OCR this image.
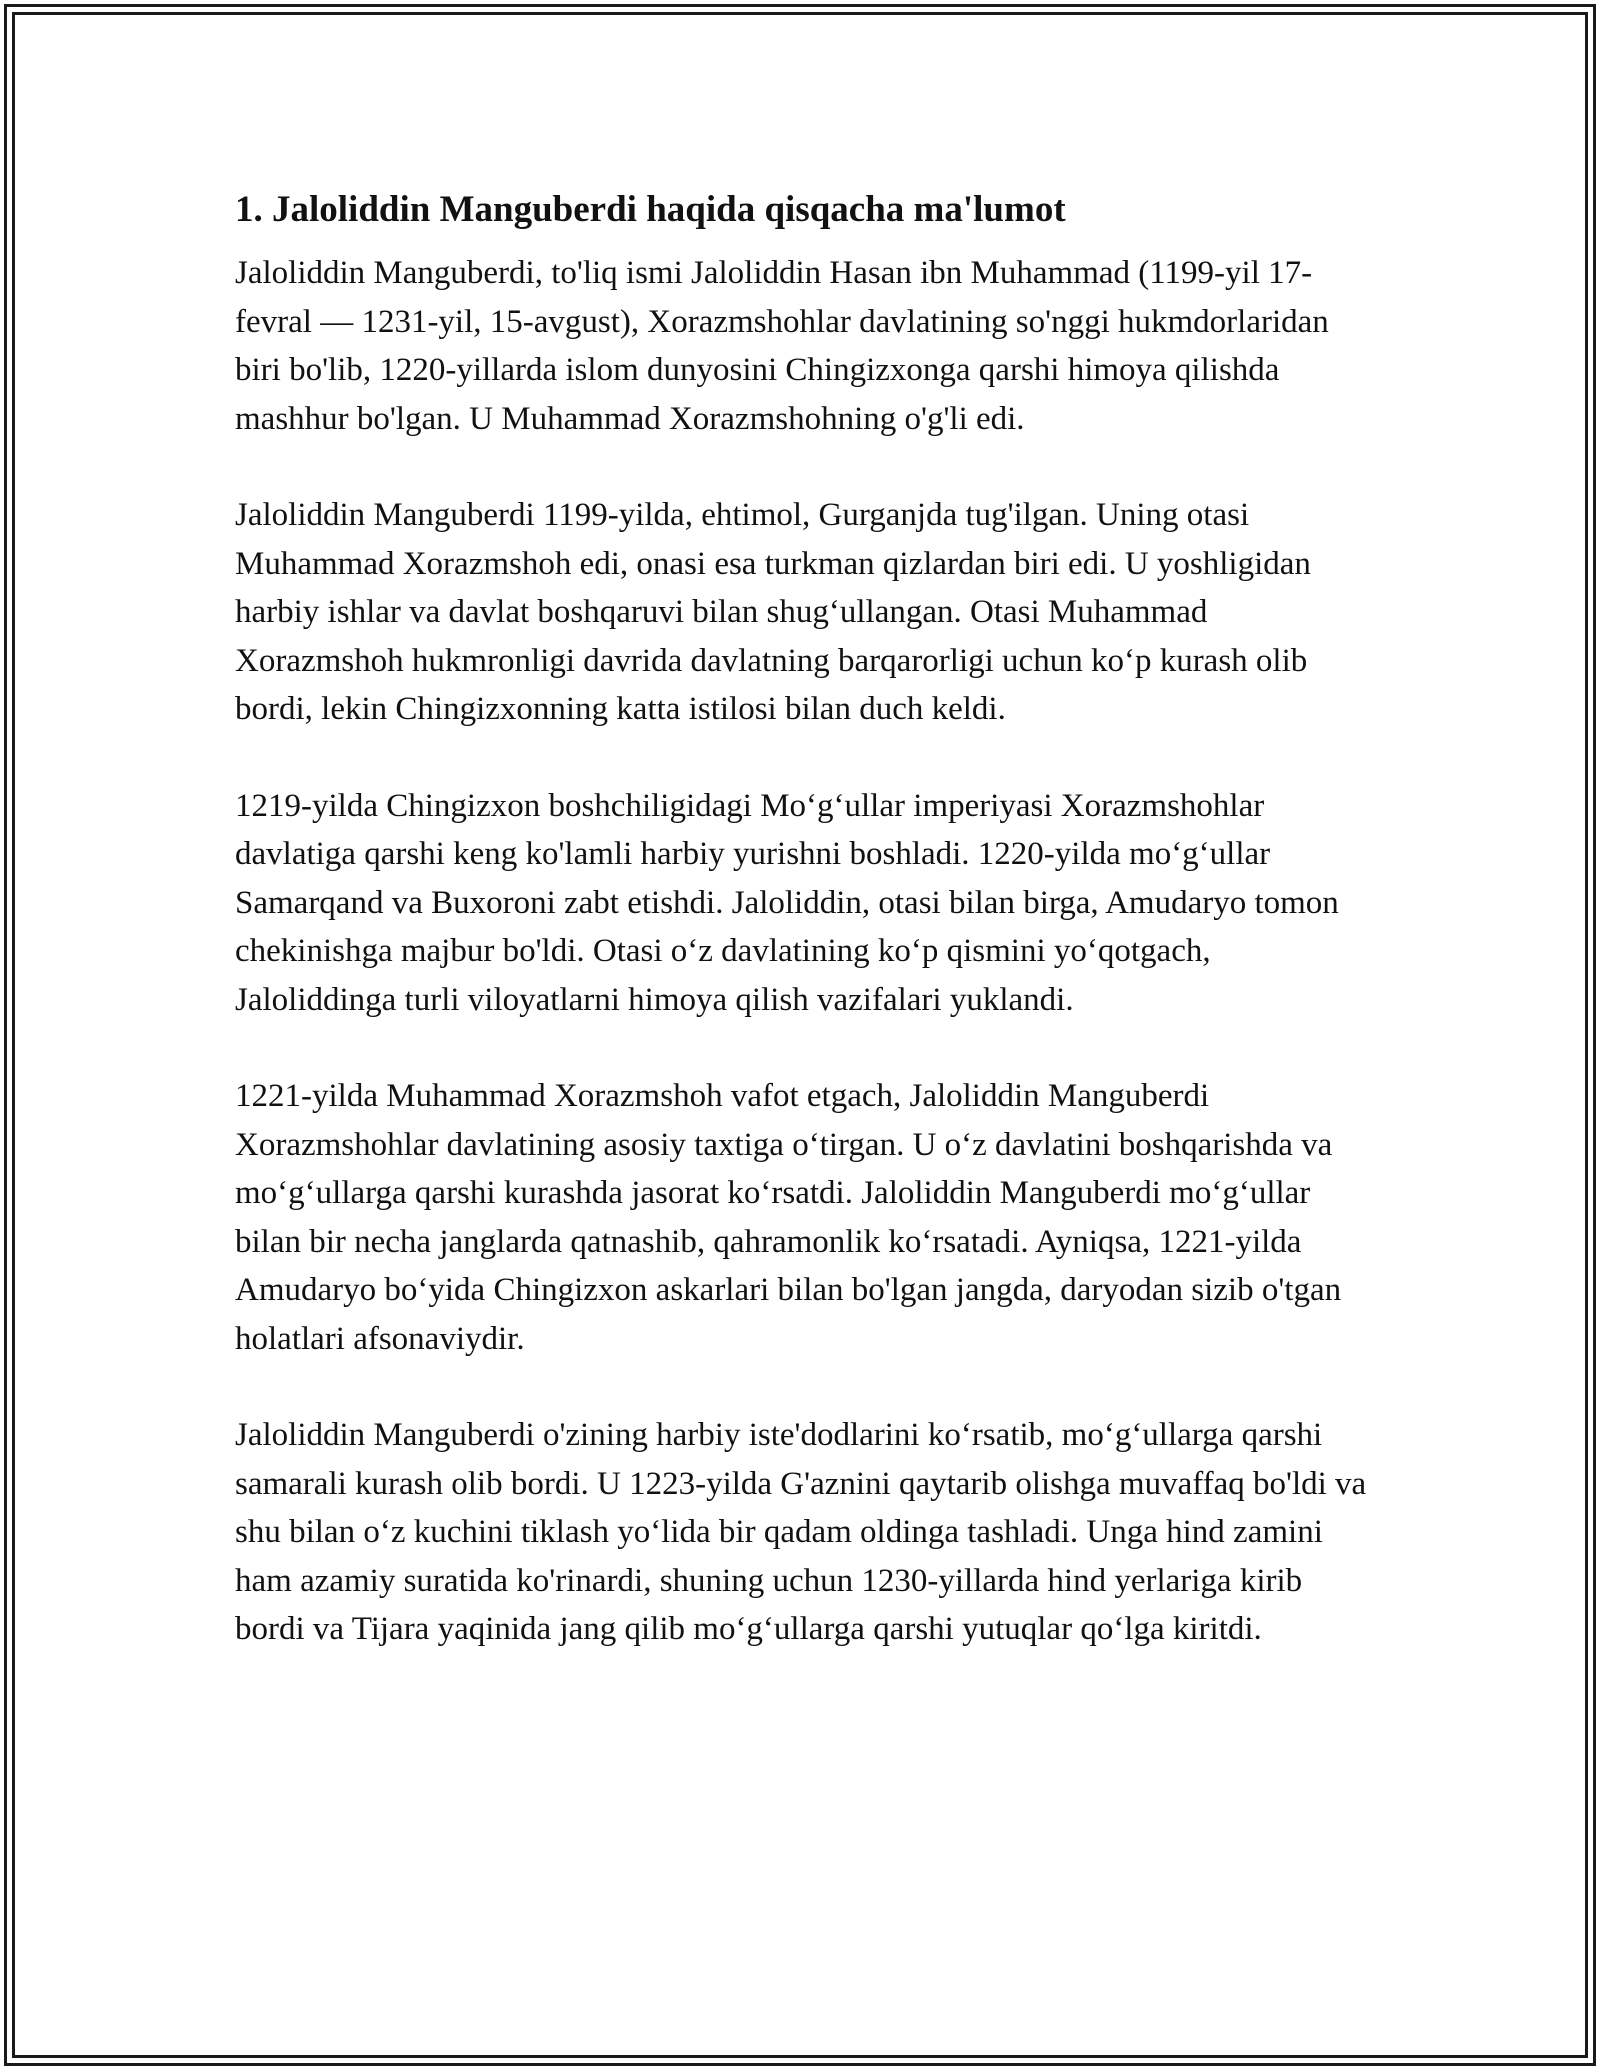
1. Jaloliddin Manguberdi haqida qisqacha ma'lumot

Jaloliddin Manguberdi, to'liq ismi Jaloliddin Hasan ibn Muhammad (1199-yil 17-fevral — 1231-yil, 15-avgust), Xorazmshohlar davlatining so'nggi hukmdorlaridan biri bo'lib, 1220-yillarda islom dunyosini Chingizxonga qarshi himoya qilishda mashhur bo'lgan. U Muhammad Xorazmshohning o'g'li edi.

Jaloliddin Manguberdi 1199-yilda, ehtimol, Gurganjda tug'ilgan. Uning otasi Muhammad Xorazmshoh edi, onasi esa turkman qizlardan biri edi. U yoshligidan harbiy ishlar va davlat boshqaruvi bilan shug‘ullangan. Otasi Muhammad Xorazmshoh hukmronligi davrida davlatning barqarorligi uchun ko‘p kurash olib bordi, lekin Chingizxonning katta istilosi bilan duch keldi.

1219-yilda Chingizxon boshchiligidagi Mo‘g‘ullar imperiyasi Xorazmshohlar davlatiga qarshi keng ko'lamli harbiy yurishni boshladi. 1220-yilda mo‘g‘ullar Samarqand va Buxoroni zabt etishdi. Jaloliddin, otasi bilan birga, Amudaryo tomon chekinishga majbur bo'ldi. Otasi o‘z davlatining ko‘p qismini yo‘qotgach, Jaloliddinga turli viloyatlarni himoya qilish vazifalari yuklandi.

1221-yilda Muhammad Xorazmshoh vafot etgach, Jaloliddin Manguberdi Xorazmshohlar davlatining asosiy taxtiga o‘tirgan. U o‘z davlatini boshqarishda va mo‘g‘ullarga qarshi kurashda jasorat ko‘rsatdi. Jaloliddin Manguberdi mo‘g‘ullar bilan bir necha janglarda qatnashib, qahramonlik ko‘rsatadi. Ayniqsa, 1221-yilda Amudaryo bo‘yida Chingizxon askarlari bilan bo'lgan jangda, daryodan sizib o'tgan holatlari afsonaviydir.

Jaloliddin Manguberdi o'zining harbiy iste'dodlarini ko‘rsatib, mo‘g‘ullarga qarshi samarali kurash olib bordi. U 1223-yilda G'aznini qaytarib olishga muvaffaq bo'ldi va shu bilan o‘z kuchini tiklash yo‘lida bir qadam oldinga tashladi. Unga hind zamini ham azamiy suratida ko'rinardi, shuning uchun 1230-yillarda hind yerlariga kirib bordi va Tijara yaqinida jang qilib mo‘g‘ullarga qarshi yutuqlar qo‘lga kiritdi.
